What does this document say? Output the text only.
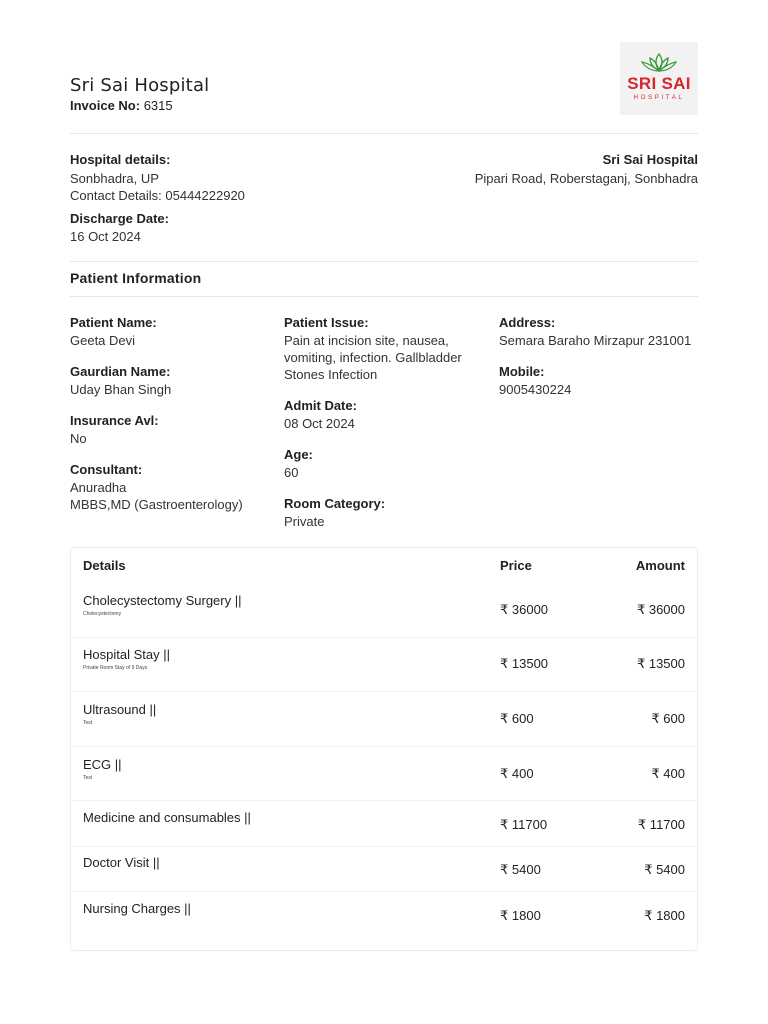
Sri Sai Hospital
Invoice No: 6315
SRI SAI
HOSPITAL
Hospital details:
Sonbhadra, UP
Contact Details: 05444222920
Discharge Date:
16 Oct 2024
Sri Sai Hospital
Pipari Road, Roberstaganj, Sonbhadra
Patient Information
Patient Name:
Geeta Devi
Gaurdian Name:
Uday Bhan Singh
Insurance Avl:
No
Consultant:
Anuradha
MBBS,MD (Gastroenterology)
Patient Issue:
Pain at incision site, nausea, vomiting, infection. Gallbladder Stones Infection
Admit Date:
08 Oct 2024
Age:
60
Room Category:
Private
Address:
Semara Baraho Mirzapur 231001
Mobile:
9005430224
Details	Price	Amount
Cholecystectomy Surgery ||
Cholecystectomy	₹ 36000	₹ 36000
Hospital Stay ||
Private Room Stay of 9 Days	₹ 13500	₹ 13500
Ultrasound ||
Test	₹ 600	₹ 600
ECG ||
Test	₹ 400	₹ 400
Medicine and consumables ||	₹ 11700	₹ 11700
Doctor Visit ||	₹ 5400	₹ 5400
Nursing Charges ||	₹ 1800	₹ 1800
